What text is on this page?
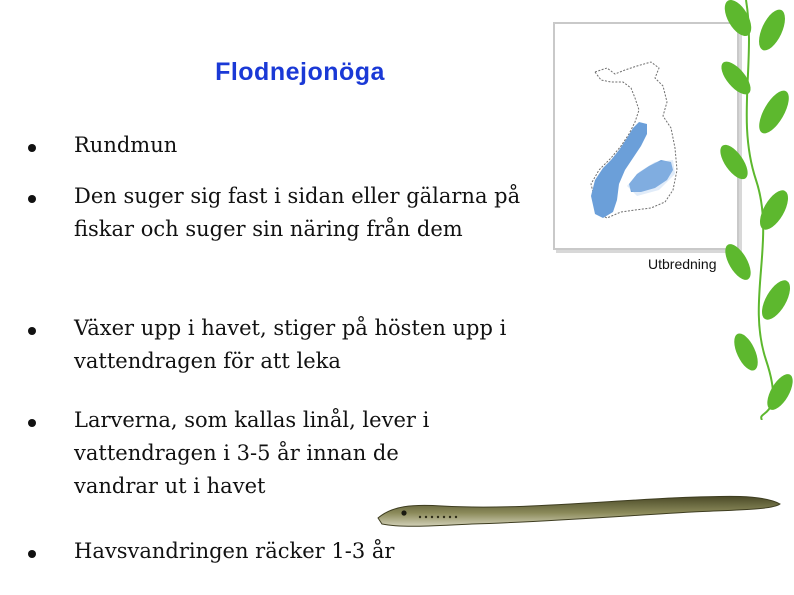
Flodnejonöga
Rundmun
Den suger sig fast i sidan eller gälarna på fiskar och suger sin näring från dem
Växer upp i havet, stiger på hösten upp i vattendragen för att leka
Larverna, som kallas linål, lever i vattendragen i 3-5 år innan de vandrar ut i havet
Havsvandringen räcker 1-3 år
Utbredning
